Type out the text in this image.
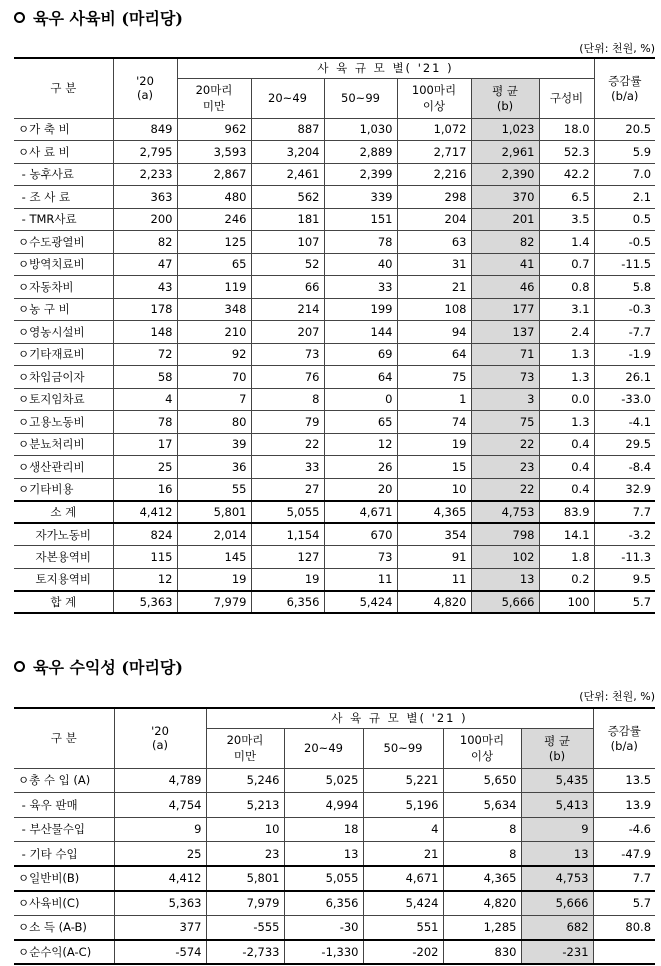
육우 사육비 (마리당)
(단위: 천원, %)
구 분	'20
(a)	사 육 규 모 별( '21 )						증감률
(b/a)
		20마리
미만	20~49	50~99	100마리
이상	평 균
(b)	구성비	
ㅇ가 축 비	849	962	887	1,030	1,072	1,023	18.0	20.5
ㅇ사 료 비	2,795	3,593	3,204	2,889	2,717	2,961	52.3	5.9
- 농후사료	2,233	2,867	2,461	2,399	2,216	2,390	42.2	7.0
- 조 사 료	363	480	562	339	298	370	6.5	2.1
- TMR사료	200	246	181	151	204	201	3.5	0.5
ㅇ수도광열비	82	125	107	78	63	82	1.4	-0.5
ㅇ방역치료비	47	65	52	40	31	41	0.7	-11.5
ㅇ자동차비	43	119	66	33	21	46	0.8	5.8
ㅇ농 구 비	178	348	214	199	108	177	3.1	-0.3
ㅇ영농시설비	148	210	207	144	94	137	2.4	-7.7
ㅇ기타재료비	72	92	73	69	64	71	1.3	-1.9
ㅇ차입금이자	58	70	76	64	75	73	1.3	26.1
ㅇ토지임차료	4	7	8	0	1	3	0.0	-33.0
ㅇ고용노동비	78	80	79	65	74	75	1.3	-4.1
ㅇ분뇨처리비	17	39	22	12	19	22	0.4	29.5
ㅇ생산관리비	25	36	33	26	15	23	0.4	-8.4
ㅇ기타비용	16	55	27	20	10	22	0.4	32.9
소 계	4,412	5,801	5,055	4,671	4,365	4,753	83.9	7.7
자가노동비	824	2,014	1,154	670	354	798	14.1	-3.2
자본용역비	115	145	127	73	91	102	1.8	-11.3
토지용역비	12	19	19	11	11	13	0.2	9.5
합 계	5,363	7,979	6,356	5,424	4,820	5,666	100	5.7
육우 수익성 (마리당)
(단위: 천원, %)
구 분	'20
(a)	사 육 규 모 별( '21 )					증감률
(b/a)
		20마리
미만	20~49	50~99	100마리
이상	평 균
(b)	
ㅇ총 수 입 (A)	4,789	5,246	5,025	5,221	5,650	5,435	13.5
- 육우 판매	4,754	5,213	4,994	5,196	5,634	5,413	13.9
- 부산물수입	9	10	18	4	8	9	-4.6
- 기타 수입	25	23	13	21	8	13	-47.9
ㅇ일반비(B)	4,412	5,801	5,055	4,671	4,365	4,753	7.7
ㅇ사육비(C)	5,363	7,979	6,356	5,424	4,820	5,666	5.7
ㅇ소 득 (A-B)	377	-555	-30	551	1,285	682	80.8
ㅇ순수익(A-C)	-574	-2,733	-1,330	-202	830	-231	
